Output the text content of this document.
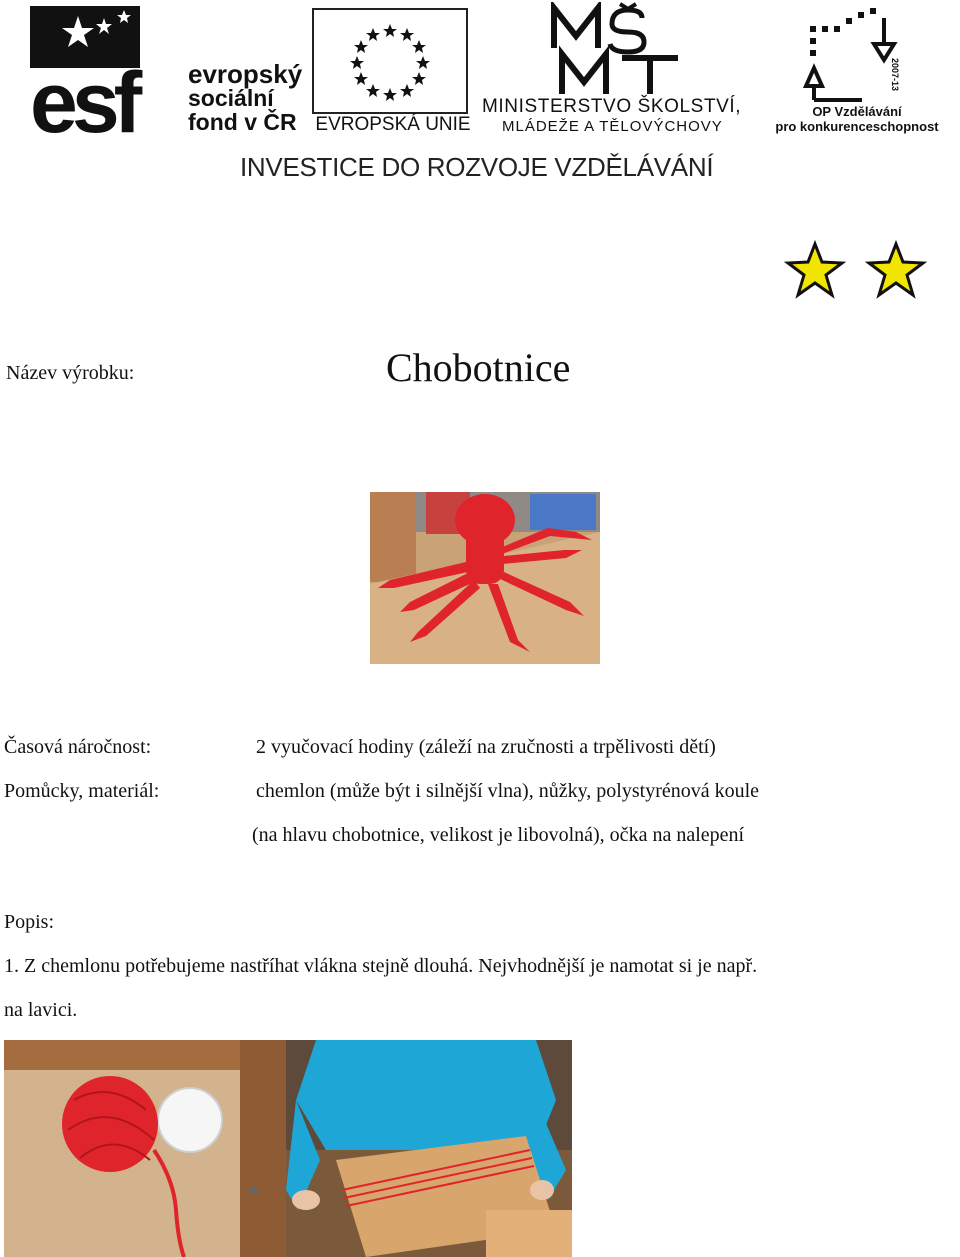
esf evropský
sociální
fond v ČR EVROPSKÁ UNIE
MŠMT
MINISTERSTVO ŠKOLSTVÍ,
MLÁDEŽE A TĚLOVÝCHOVY
2007-13
OP Vzdělávání
pro konkurenceschopnost
INVESTICE DO ROZVOJE VZDĚLÁVÁNÍ
Název výrobku:	Chobotnice
Časová náročnost:	2 vyučovací hodiny (záleží na zručnosti a trpělivosti dětí)
Pomůcky, materiál:	chemlon (může být i silnější vlna), nůžky, polystyrénová koule
(na hlavu chobotnice, velikost je libovolná), očka na nalepení
Popis:
1. Z chemlonu potřebujeme nastříhat vlákna stejně dlouhá. Nejvhodnější je namotat si je např.
na lavici.
